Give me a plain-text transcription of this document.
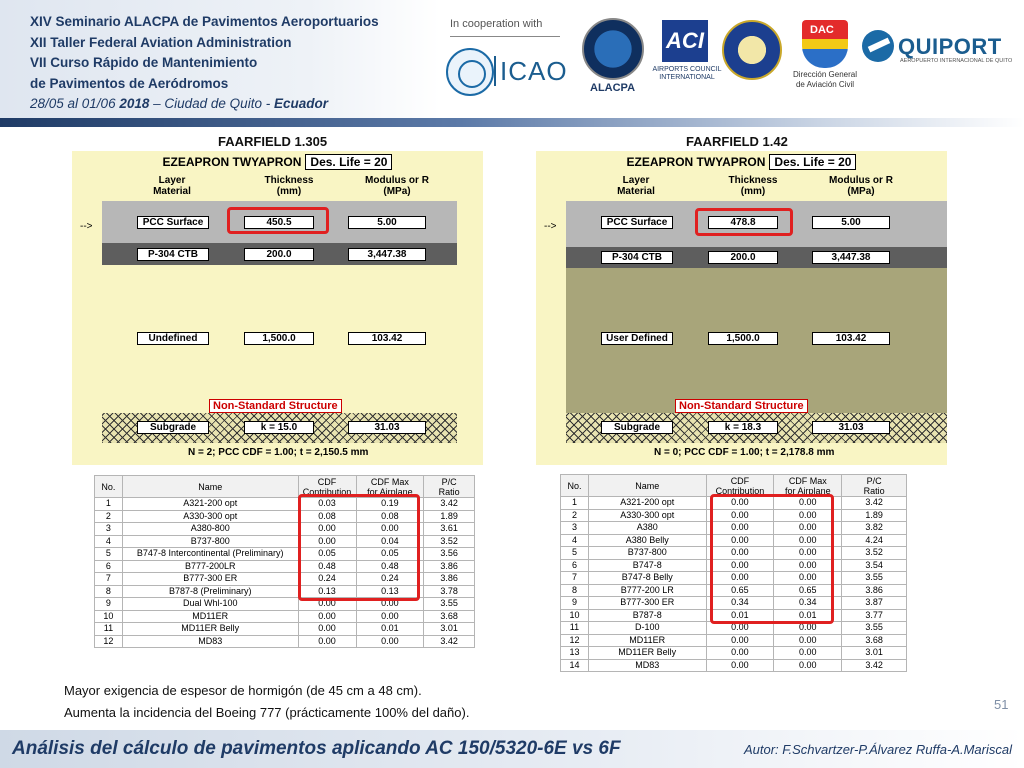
XIV Seminario ALACPA de Pavimentos Aeroportuarios
XII Taller Federal Aviation Administration
VII Curso Rápido de Mantenimiento
de Pavimentos de Aeródromos
28/05 al 01/06 2018 – Ciudad de Quito - Ecuador
In cooperation with
ICAO
ALACPA
ACI
AIRPORTS COUNCIL INTERNATIONAL
DAC
Dirección General de Aviación Civil
QUIPORT
AEROPUERTO INTERNACIONAL DE QUITO
FAARFIELD 1.305	FAARFIELD 1.42
EZEAPRON TWYAPRON Des. Life = 20
Layer
Material
Thickness
(mm)
Modulus or R
(MPa)
-->	PCC Surface	450.5	5.00
P-304 CTB	200.0	3,447.38
Undefined	1,500.0	103.42
Non-Standard Structure
Subgrade	k = 15.0	31.03
N = 2; PCC CDF = 1.00; t = 2,150.5 mm
EZEAPRON TWYAPRON Des. Life = 20
Layer
Material
Thickness
(mm)
Modulus or R
(MPa)
-->	PCC Surface	478.8	5.00
P-304 CTB	200.0	3,447.38
User Defined	1,500.0	103.42
Non-Standard Structure
Subgrade	k = 18.3	31.03
N = 0; PCC CDF = 1.00; t = 2,178.8 mm
No.	Name	CDF
Contribution	CDF Max
for Airplane	P/C
Ratio
1	A321-200 opt	0.03	0.19	3.42
2	A330-300 opt	0.08	0.08	1.89
3	A380-800	0.00	0.00	3.61
4	B737-800	0.00	0.04	3.52
5	B747-8 Intercontinental (Preliminary)	0.05	0.05	3.56
6	B777-200LR	0.48	0.48	3.86
7	B777-300 ER	0.24	0.24	3.86
8	B787-8 (Preliminary)	0.13	0.13	3.78
9	Dual Whl-100	0.00	0.00	3.55
10	MD11ER	0.00	0.00	3.68
11	MD11ER Belly	0.00	0.01	3.01
12	MD83	0.00	0.00	3.42
No.	Name	CDF
Contribution	CDF Max
for Airplane	P/C
Ratio
1	A321-200 opt	0.00	0.00	3.42
2	A330-300 opt	0.00	0.00	1.89
3	A380	0.00	0.00	3.82
4	A380 Belly	0.00	0.00	4.24
5	B737-800	0.00	0.00	3.52
6	B747-8	0.00	0.00	3.54
7	B747-8 Belly	0.00	0.00	3.55
8	B777-200 LR	0.65	0.65	3.86
9	B777-300 ER	0.34	0.34	3.87
10	B787-8	0.01	0.01	3.77
11	D-100	0.00	0.00	3.55
12	MD11ER	0.00	0.00	3.68
13	MD11ER Belly	0.00	0.00	3.01
14	MD83	0.00	0.00	3.42
Mayor exigencia de espesor de hormigón (de 45 cm a 48 cm).
Aumenta la incidencia del Boeing 777 (prácticamente 100% del daño).
51
Análisis del cálculo de pavimentos aplicando AC 150/5320-6E vs 6F	Autor: F.Schvartzer-P.Álvarez Ruffa-A.Mariscal
